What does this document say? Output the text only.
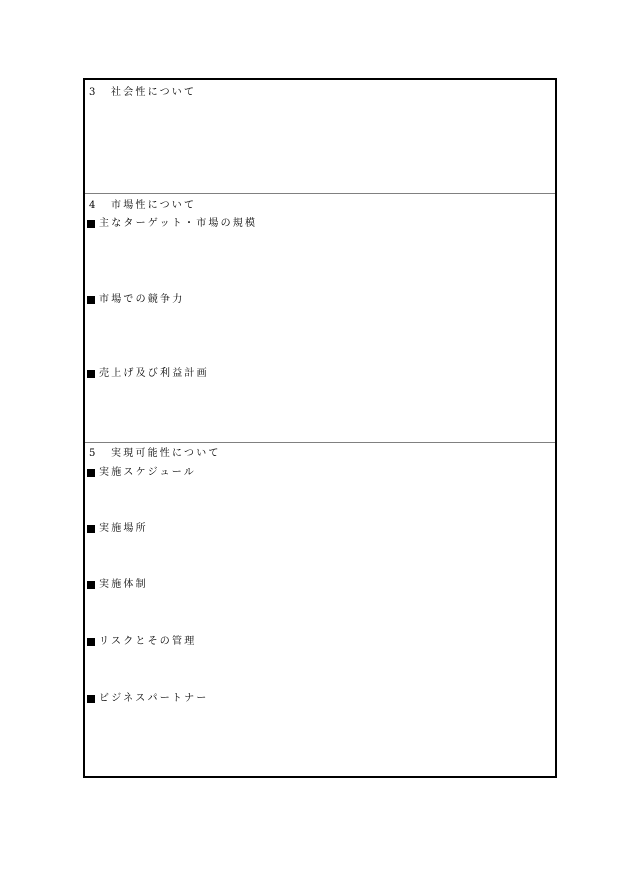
3 社会性について
4 市場性について
主なターゲット・市場の規模
市場での競争力
売上げ及び利益計画
5 実現可能性について
実施スケジュール
実施場所
実施体制
リスクとその管理
ビジネスパートナー
